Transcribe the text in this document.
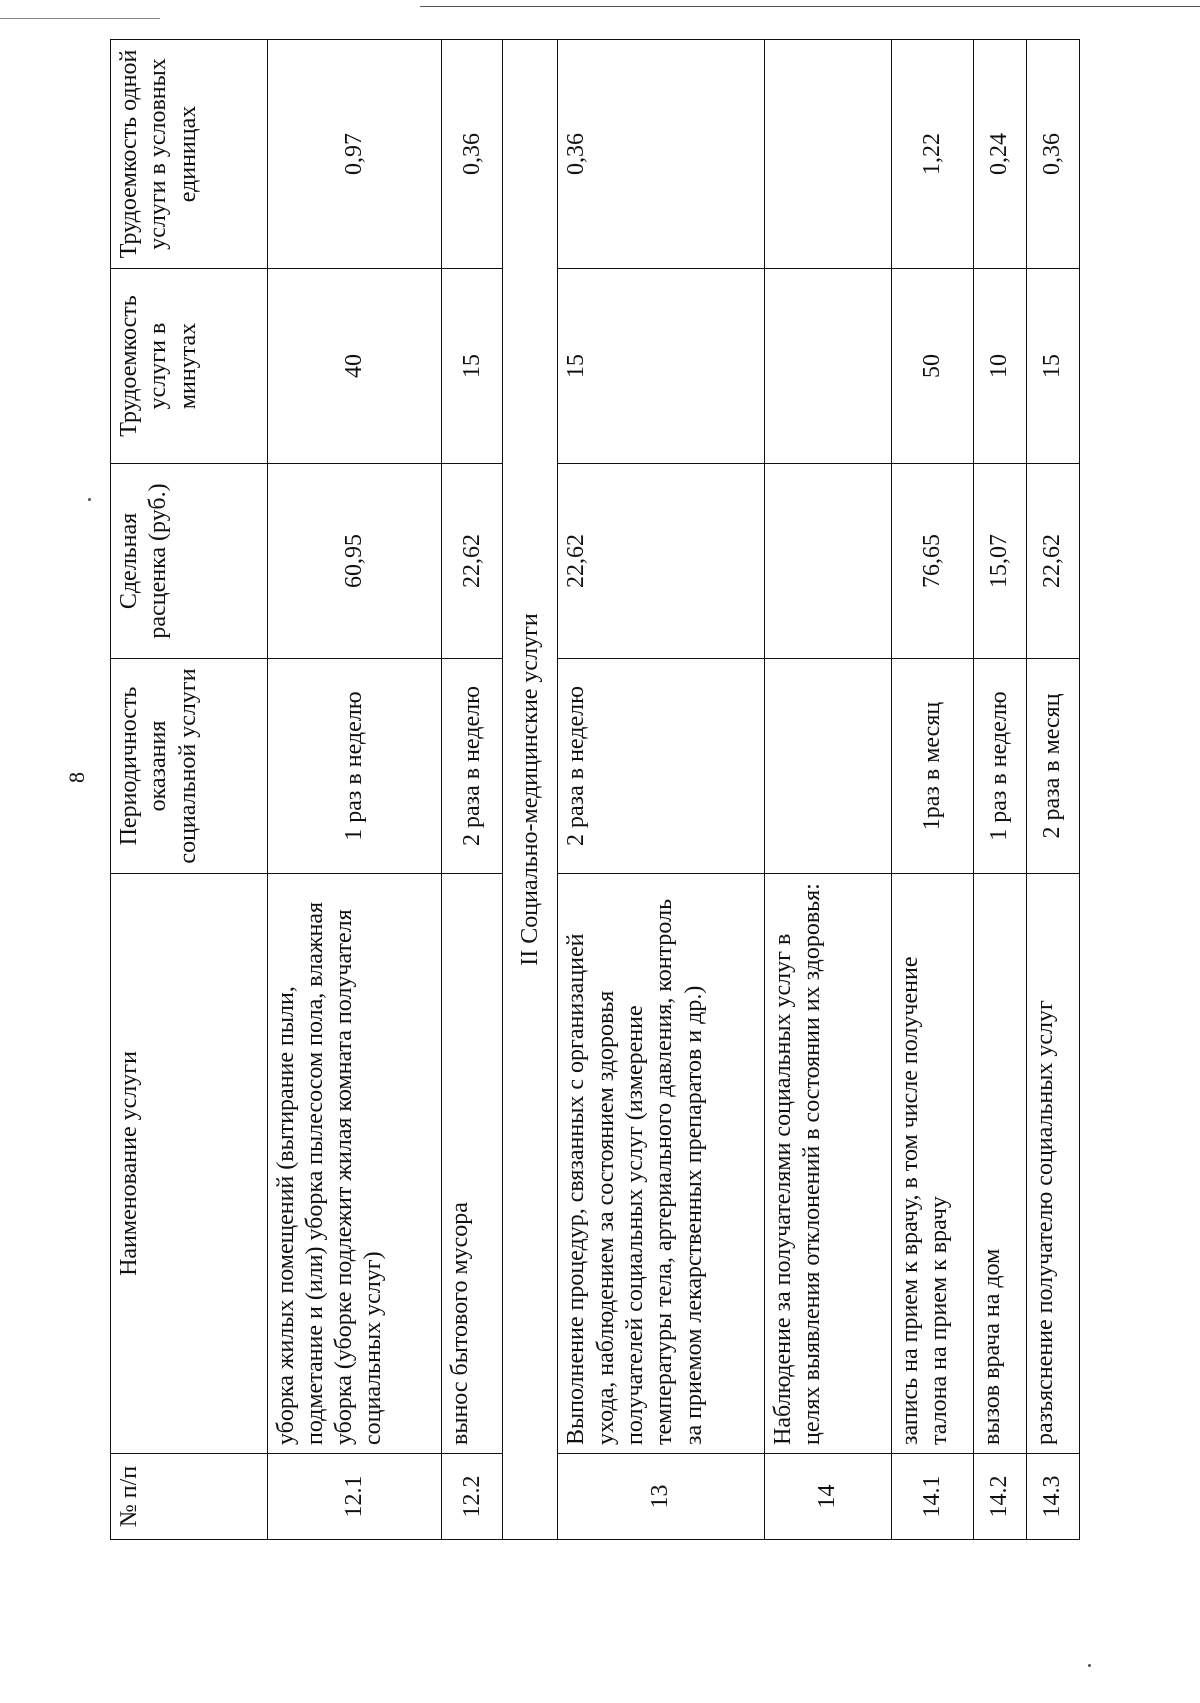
8
№ п/п	Наименование услуги	Периодичность оказания социальной услуги	Сдельная расценка (руб.)	Трудоемкость услуги в минутах	Трудоемкость одной услуги в условных единицах
12.1	уборка жилых помещений (вытирание пыли, подметание и (или) уборка пылесосом пола, влажная уборка (уборке подлежит жилая комната получателя социальных услуг)	1 раз в неделю	60,95	40	0,97
12.2	вынос бытового мусора	2 раза в неделю	22,62	15	0,36
II Социально-медицинские услуги					
13	Выполнение процедур, связанных с организацией ухода, наблюдением за состоянием здоровья получателей социальных услуг (измерение температуры тела, артериального давления, контроль за приемом лекарственных препаратов и др.)	2 раза в неделю	22,62	15	0,36
14	Наблюдение за получателями социальных услуг в целях выявления отклонений в состоянии их здоровья:				
14.1	запись на прием к врачу, в том числе получение талона на прием к врачу	1раз в месяц	76,65	50	1,22
14.2	вызов врача на дом	1 раз в неделю	15,07	10	0,24
14.3	разъяснение получателю социальных услуг	2 раза в месяц	22,62	15	0,36
